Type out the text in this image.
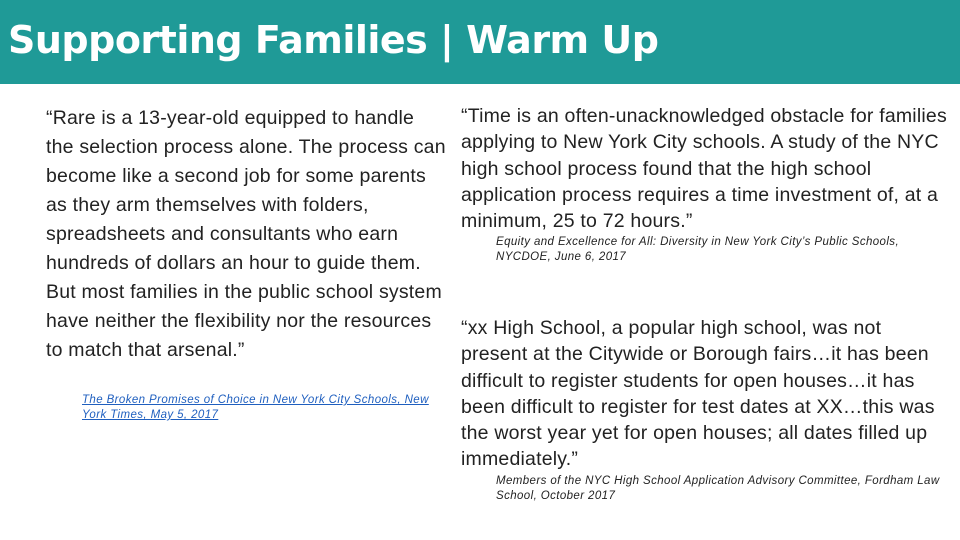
Supporting Families | Warm Up

“Rare is a 13-year-old equipped to handle the selection process alone. The process can become like a second job for some parents as they arm themselves with folders, spreadsheets and consultants who earn hundreds of dollars an hour to guide them. But most families in the public school system have neither the flexibility nor the resources to match that arsenal.”

The Broken Promises of Choice in New York City Schools, New York Times, May 5, 2017

“Time is an often-unacknowledged obstacle for families applying to New York City schools. A study of the NYC high school process found that the high school application process requires a time investment of, at a minimum, 25 to 72 hours.”

Equity and Excellence for All: Diversity in New York City’s Public Schools, NYCDOE, June 6, 2017

“xx High School, a popular high school, was not present at the Citywide or Borough fairs…it has been difficult to register students for open houses…it has been difficult to register for test dates at XX…this was the worst year yet for open houses; all dates filled up immediately.”

Members of the NYC High School Application Advisory Committee, Fordham Law School, October 2017
